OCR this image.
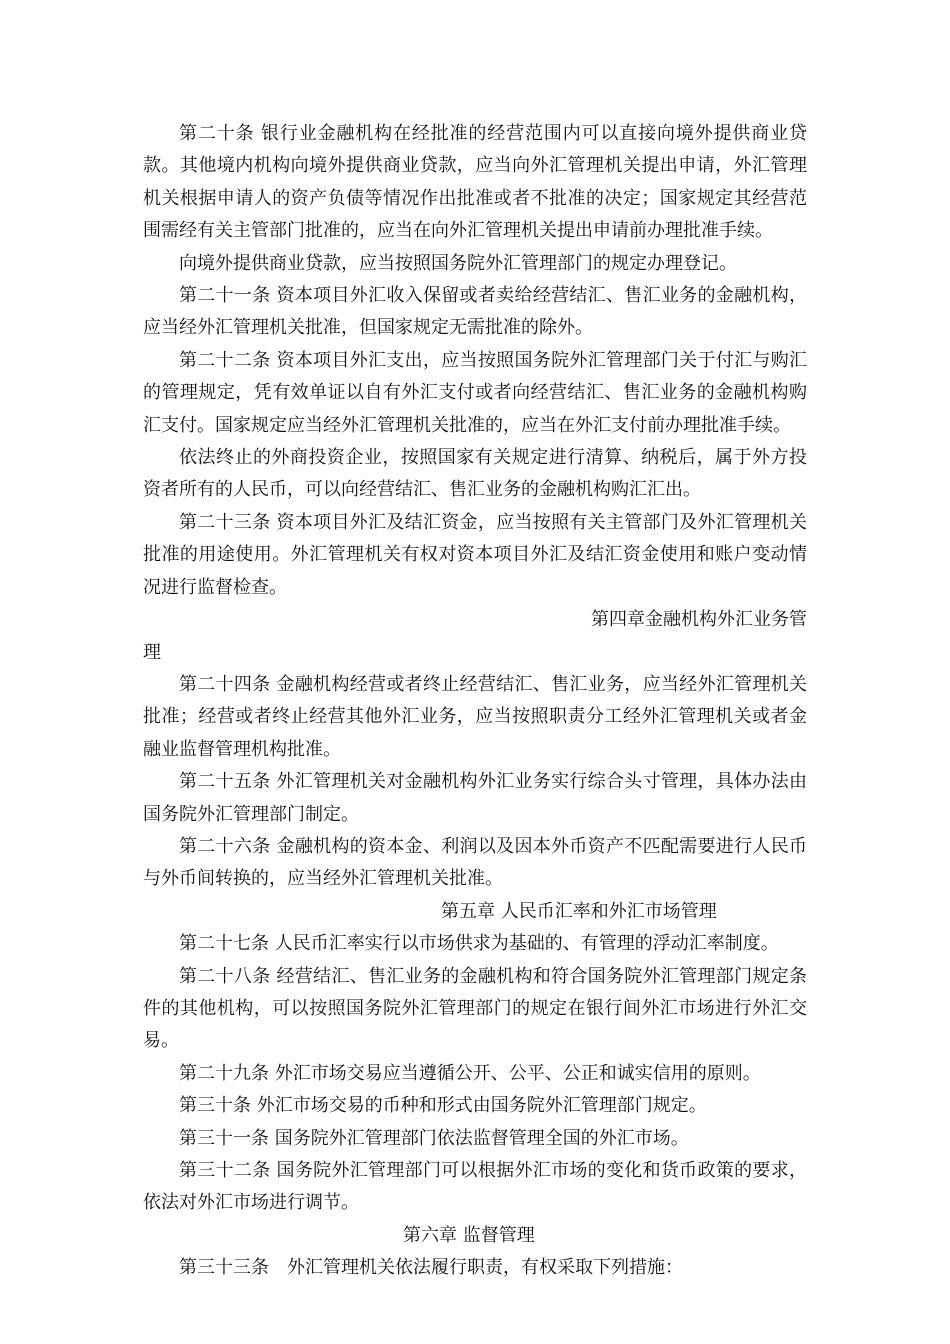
第二十条 银行业金融机构在经批准的经营范围内可以直接向境外提供商业贷款。其他境内机构向境外提供商业贷款，应当向外汇管理机关提出申请，外汇管理机关根据申请人的资产负债等情况作出批准或者不批准的决定；国家规定其经营范围需经有关主管部门批准的，应当在向外汇管理机关提出申请前办理批准手续。

向境外提供商业贷款，应当按照国务院外汇管理部门的规定办理登记。

第二十一条 资本项目外汇收入保留或者卖给经营结汇、售汇业务的金融机构，应当经外汇管理机关批准，但国家规定无需批准的除外。

第二十二条 资本项目外汇支出，应当按照国务院外汇管理部门关于付汇与购汇的管理规定，凭有效单证以自有外汇支付或者向经营结汇、售汇业务的金融机构购汇支付。国家规定应当经外汇管理机关批准的，应当在外汇支付前办理批准手续。

依法终止的外商投资企业，按照国家有关规定进行清算、纳税后，属于外方投资者所有的人民币，可以向经营结汇、售汇业务的金融机构购汇汇出。

第二十三条 资本项目外汇及结汇资金，应当按照有关主管部门及外汇管理机关批准的用途使用。外汇管理机关有权对资本项目外汇及结汇资金使用和账户变动情况进行监督检查。

第四章金融机构外汇业务管

理

第二十四条 金融机构经营或者终止经营结汇、售汇业务，应当经外汇管理机关批准；经营或者终止经营其他外汇业务，应当按照职责分工经外汇管理机关或者金融业监督管理机构批准。

第二十五条 外汇管理机关对金融机构外汇业务实行综合头寸管理，具体办法由国务院外汇管理部门制定。

第二十六条 金融机构的资本金、利润以及因本外币资产不匹配需要进行人民币与外币间转换的，应当经外汇管理机关批准。

第五章 人民币汇率和外汇市场管理

第二十七条 人民币汇率实行以市场供求为基础的、有管理的浮动汇率制度。

第二十八条 经营结汇、售汇业务的金融机构和符合国务院外汇管理部门规定条件的其他机构，可以按照国务院外汇管理部门的规定在银行间外汇市场进行外汇交易。

第二十九条 外汇市场交易应当遵循公开、公平、公正和诚实信用的原则。

第三十条 外汇市场交易的币种和形式由国务院外汇管理部门规定。

第三十一条 国务院外汇管理部门依法监督管理全国的外汇市场。

第三十二条 国务院外汇管理部门可以根据外汇市场的变化和货币政策的要求，依法对外汇市场进行调节。

第六章 监督管理

第三十三条　外汇管理机关依法履行职责，有权采取下列措施：
